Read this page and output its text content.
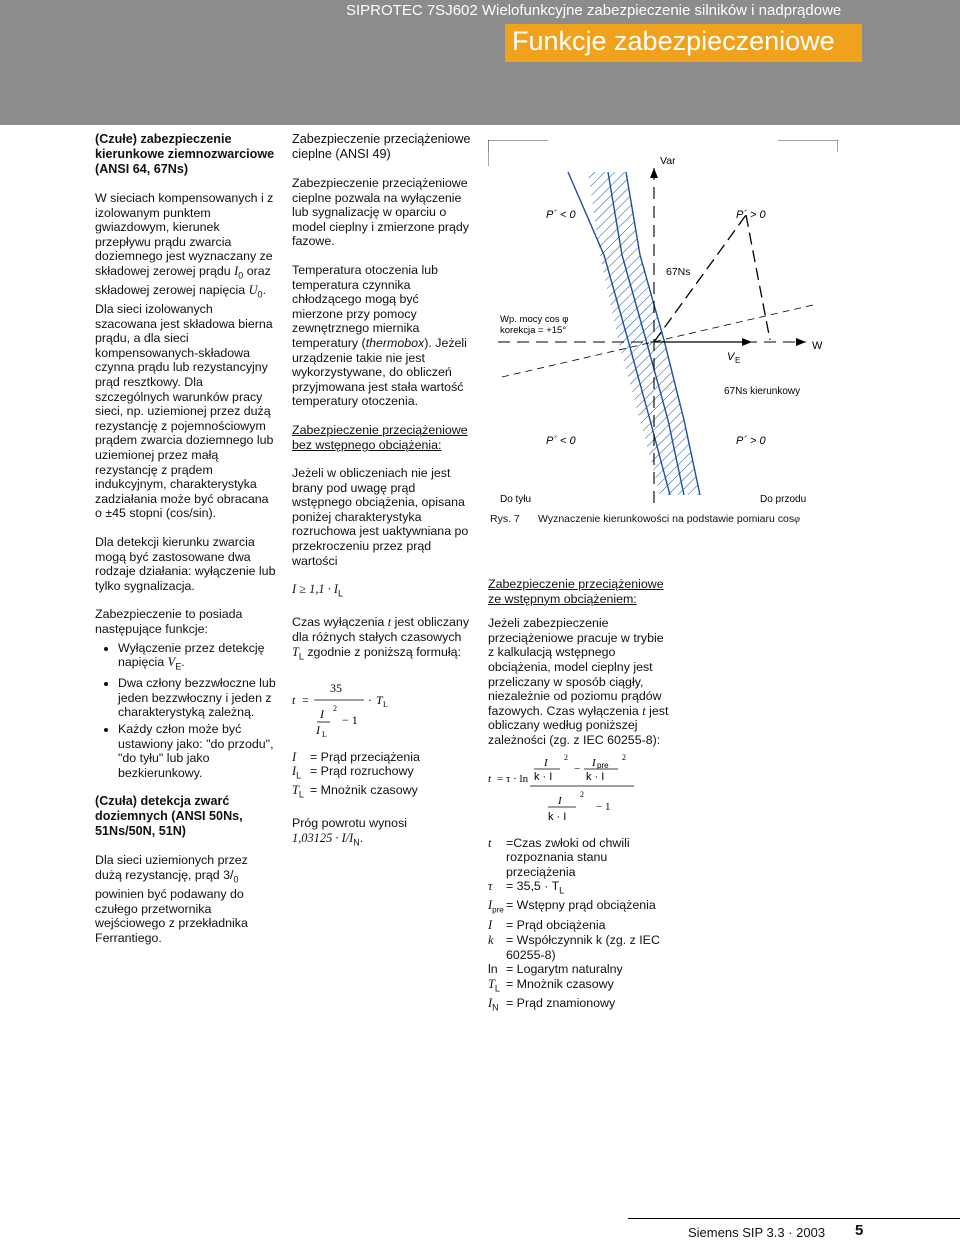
SIPROTEC 7SJ602 Wielofunkcyjne zabezpieczenie silników i nadprądowe
Funkcje zabezpieczeniowe
(Czułe) zabezpieczenie kierunkowe ziemnozwarciowe (ANSI 64, 67Ns)

W sieciach kompensowanych i z izolowanym punktem gwiazdowym, kierunek przepływu prądu zwarcia doziemnego jest wyznaczany ze składowej zerowej prądu $I_0$ oraz składowej zerowej napięcia $U_0$. Dla sieci izolowanych szacowana jest składowa bierna prądu, a dla sieci kompensowanych-składowa czynna prądu lub rezystancyjny prąd resztkowy. Dla szczególnych warunków pracy sieci, np. uziemionej przez dużą rezystancję z pojemnościowym prądem zwarcia doziemnego lub uziemionej przez małą rezystancję z prądem indukcyjnym, charakterystyka zadziałania może być obracana o ±45 stopni (cos/sin).

Dla detekcji kierunku zwarcia mogą być zastosowane dwa rodzaje działania: wyłączenie lub tylko sygnalizacja.

Zabezpieczenie to posiada następujące funkcje:

• Wyłączenie przez detekcję napięcia $V_E$.
• Dwa człony bezzwłoczne lub jeden bezzwłoczny i jeden z charakterystyką zależną.
• Każdy człon może być ustawiony jako: "do przodu", "do tyłu" lub jako bezkierunkowy.
(Czuła) detekcja zwarć doziemnych (ANSI 50Ns, 51Ns/50N, 51N)

Dla sieci uziemionych przez dużą rezystancję, prąd $3/_0$ powinien być podawany do czułego przetwornika wejściowego z przekładnika Ferrantiego.

Zabezpieczenie przeciążeniowe cieplne (ANSI 49)

Zabezpieczenie przeciążeniowe cieplne pozwala na wyłączenie lub sygnalizację w oparciu o model cieplny i zmierzone prądy fazowe.

Temperatura otoczenia lub temperatura czynnika chłodzącego mogą być mierzone przy pomocy zewnętrznego miernika temperatury (thermobox). Jeżeli urządzenie takie nie jest wykorzystywane, do obliczeń przyjmowana jest stała wartość temperatury otoczenia.

Zabezpieczenie przeciążeniowe bez wstępnego obciążenia:

Jeżeli w obliczeniach nie jest brany pod uwagę prąd wstępnego obciążenia, opisana poniżej charakterystyka rozruchowa jest uaktywniana po przekroczeniu przez prąd wartości

$I \ge 1,1 \cdot I_L$

Czas wyłączenia t jest obliczany dla różnych stałych czasowych $T_L$ zgodnie z poniższą formułą:

t =
35
I
I L
2
− 1
· T L
I = Prąd przeciążenia
$I_L$ = Prąd rozruchowy
$T_L$ = Mnożnik czasowy

Próg powrotu wynosi
$1,03125 \cdot I/I_N$.

Var
P´ < 0	P´ > 0
67Ns
Wp. mocy cos φ
korekcja = +15°
V E
W
67Ns kierunkowy
P´ < 0	P´ > 0
Do tyłu	Do przodu
Rys. 7 Wyznaczenie kierunkowości na podstawie pomiaru cosφ

Zabezpieczenie przeciążeniowe ze wstępnym obciążeniem:

Jeżeli zabezpieczenie przeciążeniowe pracuje w trybie z kalkulacją wstępnego obciążenia, model cieplny jest przeliczany w sposób ciągły, niezależnie od poziomu prądów fazowych. Czas wyłączenia t jest obliczany według poniższej zależności (zg. z IEC 60255-8):

t = τ · ln
I
k · I
2
− I pre
k · I
2
I
k · I
2
− 1
t	=Czas zwłoki od chwili rozpoznania stanu przeciążenia
τ	= $35,5 \cdot T_L$
$I_{pre}$ = Wstępny prąd obciążenia
I	= Prąd obciążenia
k	= Współczynnik k (zg. z IEC 60255-8)
ln = Logarytm naturalny
$T_L$ = Mnożnik czasowy
$I_N$ = Prąd znamionowy
Siemens SIP 3.3 · 2003 5
